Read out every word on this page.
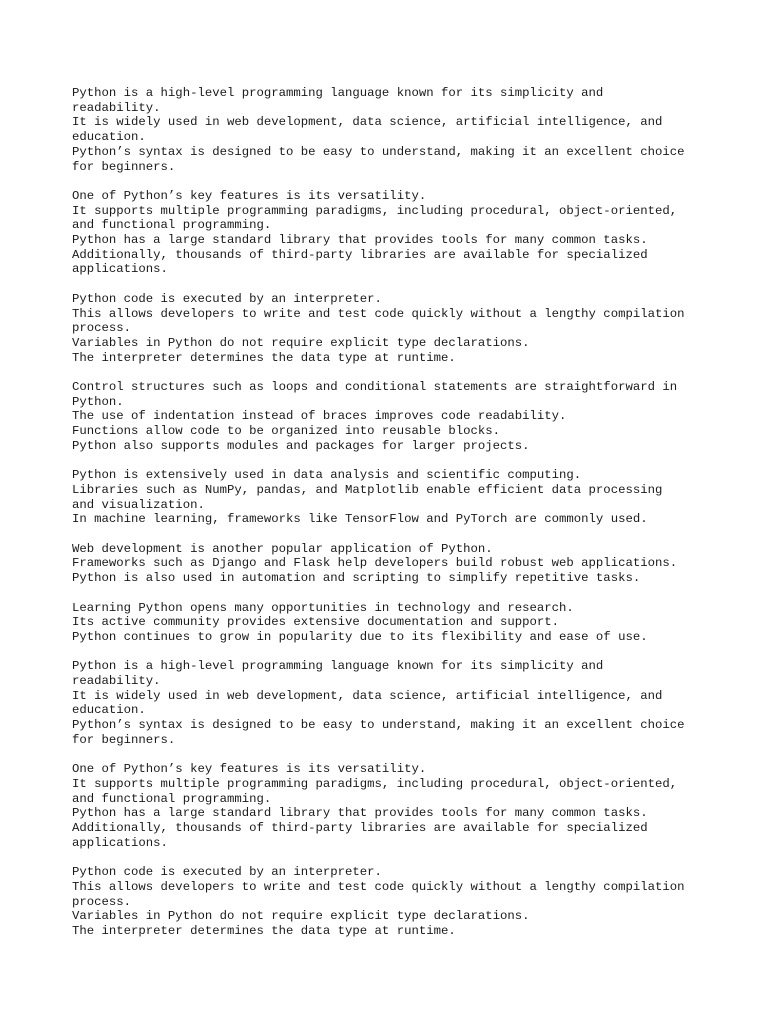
Python is a high-level programming language known for its simplicity and
readability.
It is widely used in web development, data science, artificial intelligence, and
education.
Python’s syntax is designed to be easy to understand, making it an excellent choice
for beginners.
One of Python’s key features is its versatility.
It supports multiple programming paradigms, including procedural, object-oriented,
and functional programming.
Python has a large standard library that provides tools for many common tasks.
Additionally, thousands of third-party libraries are available for specialized
applications.
Python code is executed by an interpreter.
This allows developers to write and test code quickly without a lengthy compilation
process.
Variables in Python do not require explicit type declarations.
The interpreter determines the data type at runtime.
Control structures such as loops and conditional statements are straightforward in
Python.
The use of indentation instead of braces improves code readability.
Functions allow code to be organized into reusable blocks.
Python also supports modules and packages for larger projects.
Python is extensively used in data analysis and scientific computing.
Libraries such as NumPy, pandas, and Matplotlib enable efficient data processing
and visualization.
In machine learning, frameworks like TensorFlow and PyTorch are commonly used.
Web development is another popular application of Python.
Frameworks such as Django and Flask help developers build robust web applications.
Python is also used in automation and scripting to simplify repetitive tasks.
Learning Python opens many opportunities in technology and research.
Its active community provides extensive documentation and support.
Python continues to grow in popularity due to its flexibility and ease of use.
Python is a high-level programming language known for its simplicity and
readability.
It is widely used in web development, data science, artificial intelligence, and
education.
Python’s syntax is designed to be easy to understand, making it an excellent choice
for beginners.
One of Python’s key features is its versatility.
It supports multiple programming paradigms, including procedural, object-oriented,
and functional programming.
Python has a large standard library that provides tools for many common tasks.
Additionally, thousands of third-party libraries are available for specialized
applications.
Python code is executed by an interpreter.
This allows developers to write and test code quickly without a lengthy compilation
process.
Variables in Python do not require explicit type declarations.
The interpreter determines the data type at runtime.
